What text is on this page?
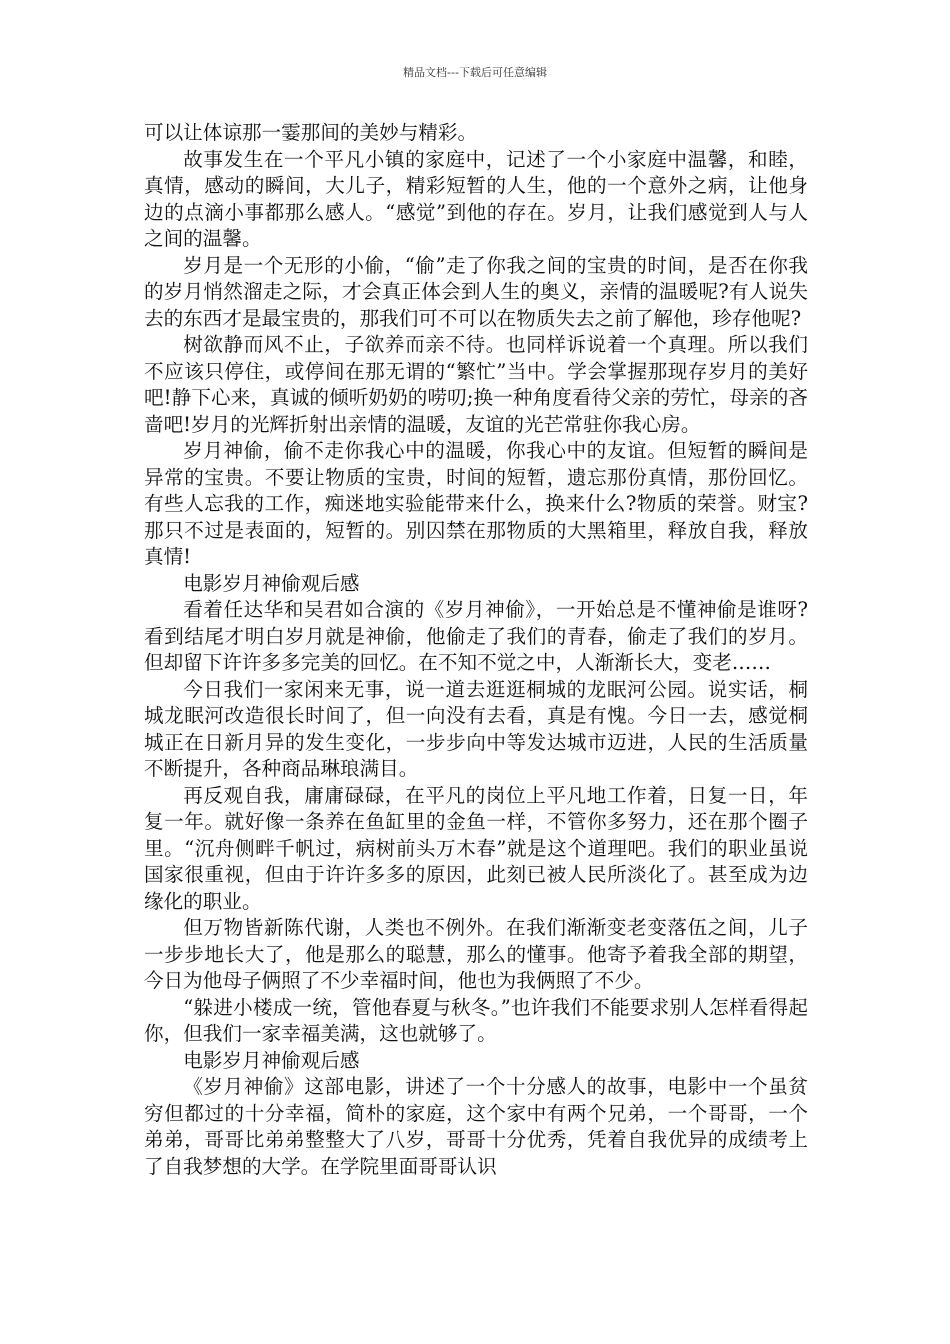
精品文档---下载后可任意编辑

可以让体谅那一霎那间的美妙与精彩。

故事发生在一个平凡小镇的家庭中，记述了一个小家庭中温馨，和睦，真情，感动的瞬间，大儿子，精彩短暂的人生，他的一个意外之病，让他身边的点滴小事都那么感人。“感觉”到他的存在。岁月，让我们感觉到人与人之间的温馨。

岁月是一个无形的小偷，“偷”走了你我之间的宝贵的时间，是否在你我的岁月悄然溜走之际，才会真正体会到人生的奥义，亲情的温暖呢?有人说失去的东西才是最宝贵的，那我们可不可以在物质失去之前了解他，珍存他呢?

树欲静而风不止，子欲养而亲不待。也同样诉说着一个真理。所以我们不应该只停住，或停间在那无谓的“繁忙”当中。学会掌握那现存岁月的美好吧!静下心来，真诚的倾听奶奶的唠叨;换一种角度看待父亲的劳忙，母亲的吝啬吧!岁月的光辉折射出亲情的温暖，友谊的光芒常驻你我心房。

岁月神偷，偷不走你我心中的温暖，你我心中的友谊。但短暂的瞬间是异常的宝贵。不要让物质的宝贵，时间的短暂，遗忘那份真情，那份回忆。有些人忘我的工作，痴迷地实验能带来什么，换来什么?物质的荣誉。财宝?那只不过是表面的，短暂的。别囚禁在那物质的大黑箱里，释放自我，释放真情!

电影岁月神偷观后感

看着任达华和吴君如合演的《岁月神偷》，一开始总是不懂神偷是谁呀?看到结尾才明白岁月就是神偷，他偷走了我们的青春，偷走了我们的岁月。但却留下许许多多完美的回忆。在不知不觉之中，人渐渐长大，变老……

今日我们一家闲来无事，说一道去逛逛桐城的龙眠河公园。说实话，桐城龙眠河改造很长时间了，但一向没有去看，真是有愧。今日一去，感觉桐城正在日新月异的发生变化，一步步向中等发达城市迈进，人民的生活质量不断提升，各种商品琳琅满目。

再反观自我，庸庸碌碌，在平凡的岗位上平凡地工作着，日复一日，年复一年。就好像一条养在鱼缸里的金鱼一样，不管你多努力，还在那个圈子里。“沉舟侧畔千帆过，病树前头万木春”就是这个道理吧。我们的职业虽说国家很重视，但由于许许多多的原因，此刻已被人民所淡化了。甚至成为边缘化的职业。

但万物皆新陈代谢，人类也不例外。在我们渐渐变老变落伍之间，儿子一步步地长大了，他是那么的聪慧，那么的懂事。他寄予着我全部的期望，今日为他母子俩照了不少幸福时间，他也为我俩照了不少。

“躲进小楼成一统，管他春夏与秋冬。”也许我们不能要求别人怎样看得起你，但我们一家幸福美满，这也就够了。

电影岁月神偷观后感

《岁月神偷》这部电影，讲述了一个十分感人的故事，电影中一个虽贫穷但都过的十分幸福，简朴的家庭，这个家中有两个兄弟，一个哥哥，一个弟弟，哥哥比弟弟整整大了八岁，哥哥十分优秀，凭着自我优异的成绩考上了自我梦想的大学。在学院里面哥哥认识
